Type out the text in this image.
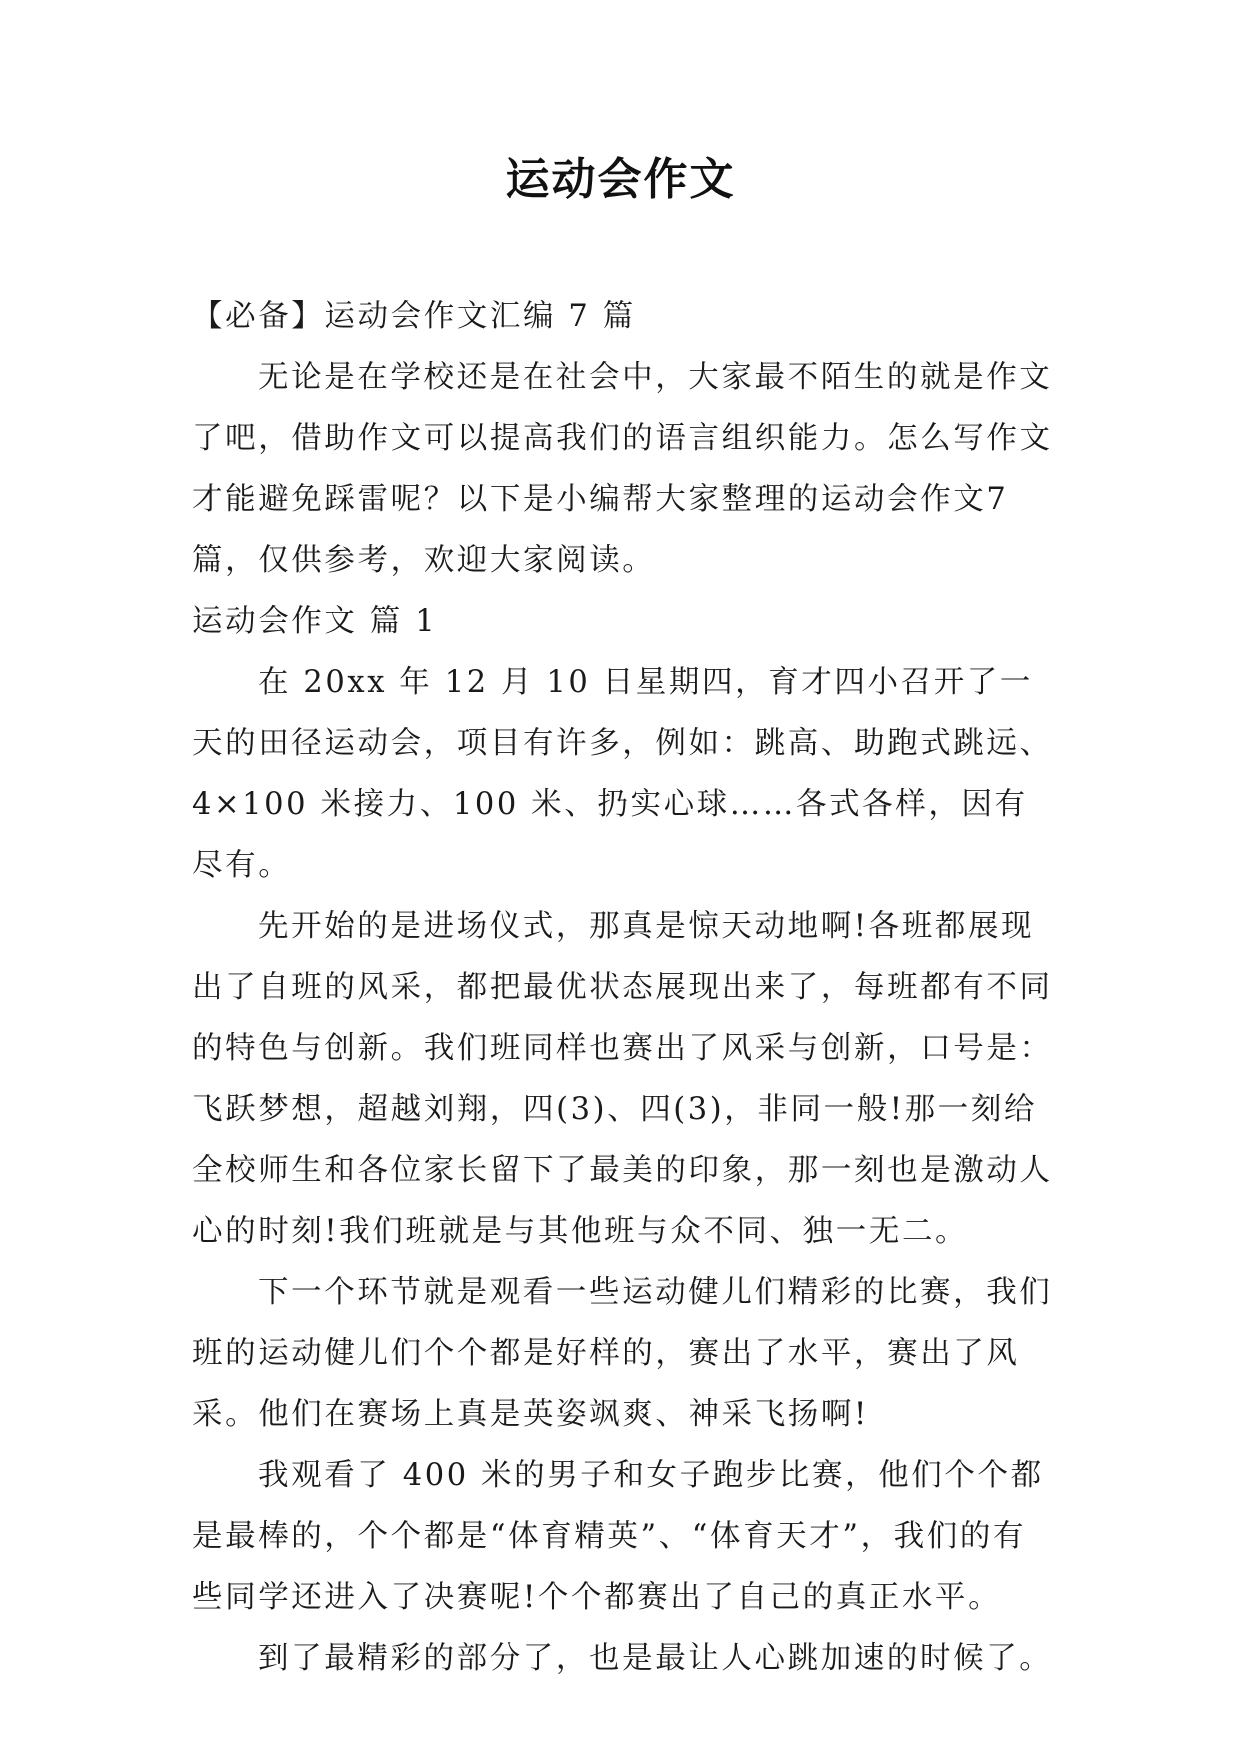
运动会作文

【必备】运动会作文汇编 7 篇

无论是在学校还是在社会中，大家最不陌生的就是作文了吧，借助作文可以提高我们的语言组织能力。怎么写作文才能避免踩雷呢？以下是小编帮大家整理的运动会作文7篇，仅供参考，欢迎大家阅读。

运动会作文 篇 1

在 20xx 年 12 月 10 日星期四，育才四小召开了一天的田径运动会，项目有许多，例如：跳高、助跑式跳远、4×100 米接力、100 米、扔实心球……各式各样，因有尽有。

先开始的是进场仪式，那真是惊天动地啊!各班都展现出了自班的风采，都把最优状态展现出来了，每班都有不同的特色与创新。我们班同样也赛出了风采与创新，口号是：飞跃梦想，超越刘翔，四(3)、四(3)，非同一般!那一刻给全校师生和各位家长留下了最美的印象，那一刻也是激动人心的时刻!我们班就是与其他班与众不同、独一无二。

下一个环节就是观看一些运动健儿们精彩的比赛，我们班的运动健儿们个个都是好样的，赛出了水平，赛出了风采。他们在赛场上真是英姿飒爽、神采飞扬啊!

我观看了 400 米的男子和女子跑步比赛，他们个个都是最棒的，个个都是“体育精英”、“体育天才”，我们的有些同学还进入了决赛呢!个个都赛出了自己的真正水平。

到了最精彩的部分了，也是最让人心跳加速的时候了。
